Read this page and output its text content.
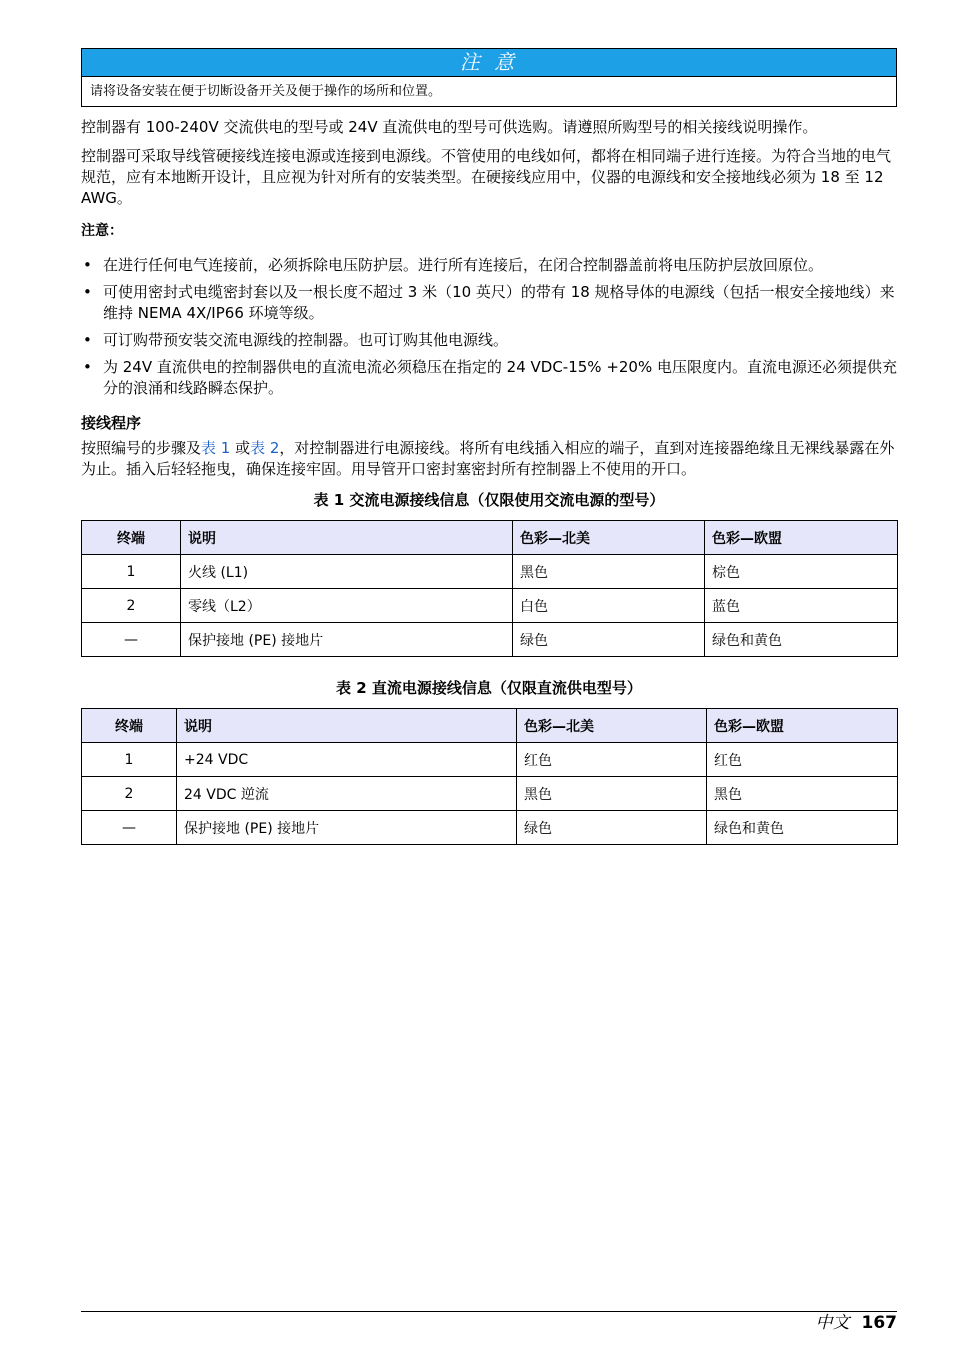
注 意
请将设备安装在便于切断设备开关及便于操作的场所和位置。

控制器有 100-240V 交流供电的型号或 24V 直流供电的型号可供选购。请遵照所购型号的相关接线说明操作。

控制器可采取导线管硬接线连接电源或连接到电源线。不管使用的电线如何，都将在相同端子进行连接。为符合当地的电气规范，应有本地断开设计，且应视为针对所有的安装类型。在硬接线应用中，仪器的电源线和安全接地线必须为 18 至 12 AWG。

注意：
• 在进行任何电气连接前，必须拆除电压防护层。进行所有连接后，在闭合控制器盖前将电压防护层放回原位。
• 可使用密封式电缆密封套以及一根长度不超过 3 米（10 英尺）的带有 18 规格导体的电源线（包括一根安全接地线）来维持 NEMA 4X/IP66 环境等级。
• 可订购带预安装交流电源线的控制器。也可订购其他电源线。
• 为 24V 直流供电的控制器供电的直流电流必须稳压在指定的 24 VDC-15% +20% 电压限度内。直流电源还必须提供充分的浪涌和线路瞬态保护。
接线程序

按照编号的步骤及表 1 或表 2，对控制器进行电源接线。将所有电线插入相应的端子，直到对连接器绝缘且无裸线暴露在外为止。插入后轻轻拖曳，确保连接牢固。用导管开口密封塞密封所有控制器上不使用的开口。

表 1 交流电源接线信息（仅限使用交流电源的型号）
终端	说明	色彩—北美	色彩—欧盟
1	火线 (L1)	黑色	棕色
2	零线（L2）	白色	蓝色
—	保护接地 (PE) 接地片	绿色	绿色和黄色
表 2 直流电源接线信息（仅限直流供电型号）
终端	说明	色彩—北美	色彩—欧盟
1	+24 VDC	红色	红色
2	24 VDC 逆流	黑色	黑色
—	保护接地 (PE) 接地片	绿色	绿色和黄色
中文 167
